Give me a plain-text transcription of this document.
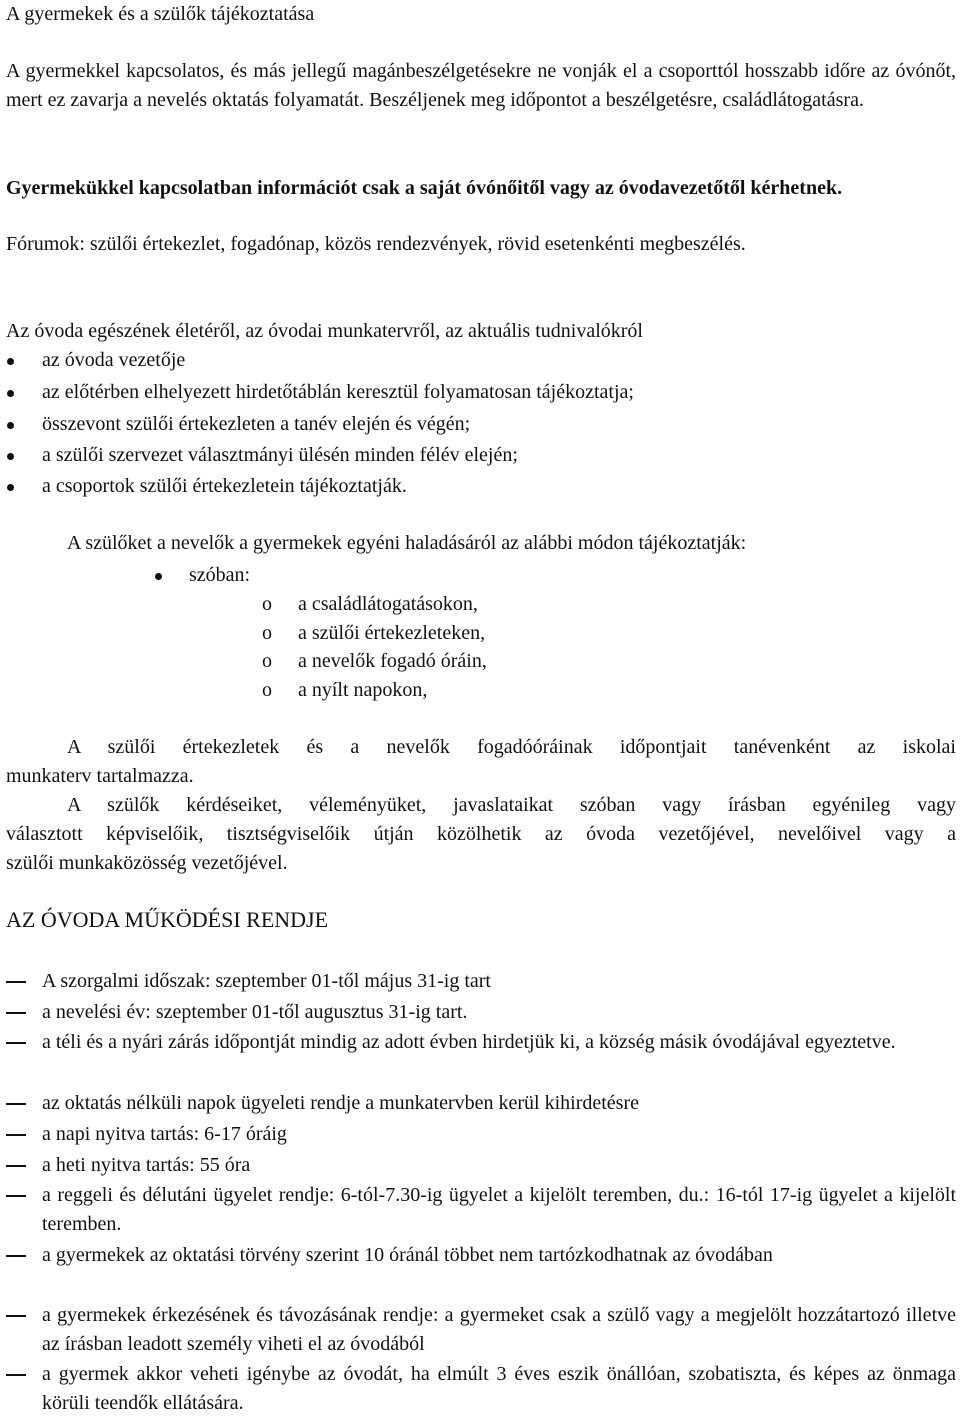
A gyermekek és a szülők tájékoztatása
A gyermekkel kapcsolatos, és más jellegű magánbeszélgetésekre ne vonják el a csoporttól hosszabb időre az óvónőt, mert ez zavarja a nevelés oktatás folyamatát. Beszéljenek meg időpontot a beszélgetésre, családlátogatásra.
Gyermekükkel kapcsolatban információt csak a saját óvónőitől vagy az óvodavezetőtől kérhetnek.
Fórumok: szülői értekezlet, fogadónap, közös rendezvények, rövid esetenkénti megbeszélés.
Az óvoda egészének életéről, az óvodai munkatervről, az aktuális tudnivalókról
az óvoda vezetője
az előtérben elhelyezett hirdetőtáblán keresztül folyamatosan tájékoztatja;
összevont szülői értekezleten a tanév elején és végén;
a szülői szervezet választmányi ülésén minden félév elején;
a csoportok szülői értekezletein tájékoztatják.
A szülőket a nevelők a gyermekek egyéni haladásáról az alábbi módon tájékoztatják:
szóban:
o a családlátogatásokon,
o a szülői értekezleteken,
o a nevelők fogadó óráin,
o a nyílt napokon,
A szülői értekezletek és a nevelők fogadóóráinak időpontjait tanévenként az iskolai
munkaterv tartalmazza.
A szülők kérdéseiket, véleményüket, javaslataikat szóban vagy írásban egyénileg vagy
választott képviselőik, tisztségviselőik útján közölhetik az óvoda vezetőjével, nevelőivel vagy a
szülői munkaközösség vezetőjével.
AZ ÓVODA MŰKÖDÉSI RENDJE
A szorgalmi időszak: szeptember 01-től május 31-ig tart
a nevelési év: szeptember 01-től augusztus 31-ig tart.
a téli és a nyári zárás időpontját mindig az adott évben hirdetjük ki, a község másik óvodájával egyeztetve.
az oktatás nélküli napok ügyeleti rendje a munkatervben kerül kihirdetésre
a napi nyitva tartás: 6-17 óráig
a heti nyitva tartás: 55 óra
a reggeli és délutáni ügyelet rendje: 6-tól-7.30-ig ügyelet a kijelölt teremben, du.: 16-tól 17-ig ügyelet a kijelölt teremben.
a gyermekek az oktatási törvény szerint 10 óránál többet nem tartózkodhatnak az óvodában
a gyermekek érkezésének és távozásának rendje: a gyermeket csak a szülő vagy a megjelölt hozzátartozó illetve az írásban leadott személy viheti el az óvodából
a gyermek akkor veheti igénybe az óvodát, ha elmúlt 3 éves eszik önállóan, szobatiszta, és képes az önmaga körüli teendők ellátására.
